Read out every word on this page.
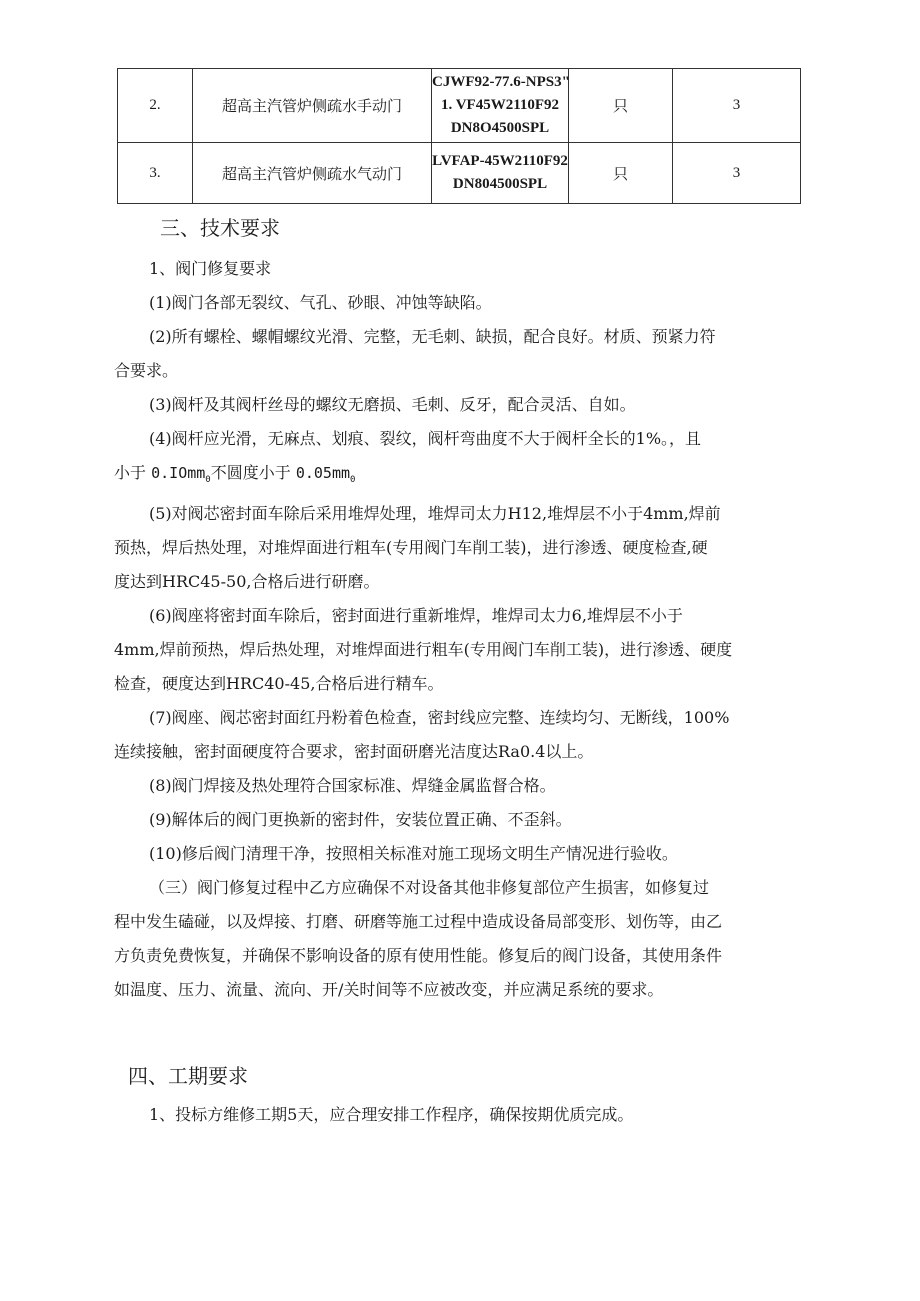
2.	超高主汽管炉侧疏水手动门	CJWF92-77.6-NPS3"
1. VF45W2110F92
DN8O4500SPL	只	3
3.	超高主汽管炉侧疏水气动门	LVFAP-45W2110F92
DN804500SPL	只	3
三、技术要求
1、阀门修复要求
(1)阀门各部无裂纹、气孔、砂眼、冲蚀等缺陷。
(2)所有螺栓、螺帽螺纹光滑、完整，无毛刺、缺损，配合良好。材质、预紧力符
合要求。
(3)阀杆及其阀杆丝母的螺纹无磨损、毛刺、反牙，配合灵活、自如。
(4)阀杆应光滑，无麻点、划痕、裂纹，阀杆弯曲度不大于阀杆全长的1%。，且
小于 0.IOmm$_0$不圆度小于 $0.05mm_0$
(5)对阀芯密封面车除后采用堆焊处理，堆焊司太力H12,堆焊层不小于4mm,焊前
预热，焊后热处理，对堆焊面进行粗车(专用阀门车削工装)，进行渗透、硬度检查,硬
度达到HRC45-50,合格后进行研磨。
(6)阀座将密封面车除后，密封面进行重新堆焊，堆焊司太力6,堆焊层不小于
4mm,焊前预热，焊后热处理，对堆焊面进行粗车(专用阀门车削工装)，进行渗透、硬度
检查，硬度达到HRC40-45,合格后进行精车。
(7)阀座、阀芯密封面红丹粉着色检查，密封线应完整、连续均匀、无断线，100%
连续接触，密封面硬度符合要求，密封面研磨光洁度达Ra0.4以上。
(8)阀门焊接及热处理符合国家标准、焊缝金属监督合格。
(9)解体后的阀门更换新的密封件，安装位置正确、不歪斜。
(10)修后阀门清理干净，按照相关标准对施工现场文明生产情况进行验收。
（三）阀门修复过程中乙方应确保不对设备其他非修复部位产生损害，如修复过
程中发生磕碰，以及焊接、打磨、研磨等施工过程中造成设备局部变形、划伤等，由乙
方负责免费恢复，并确保不影响设备的原有使用性能。修复后的阀门设备，其使用条件
如温度、压力、流量、流向、开/关时间等不应被改变，并应满足系统的要求。
四、工期要求
1、投标方维修工期5天，应合理安排工作程序，确保按期优质完成。
